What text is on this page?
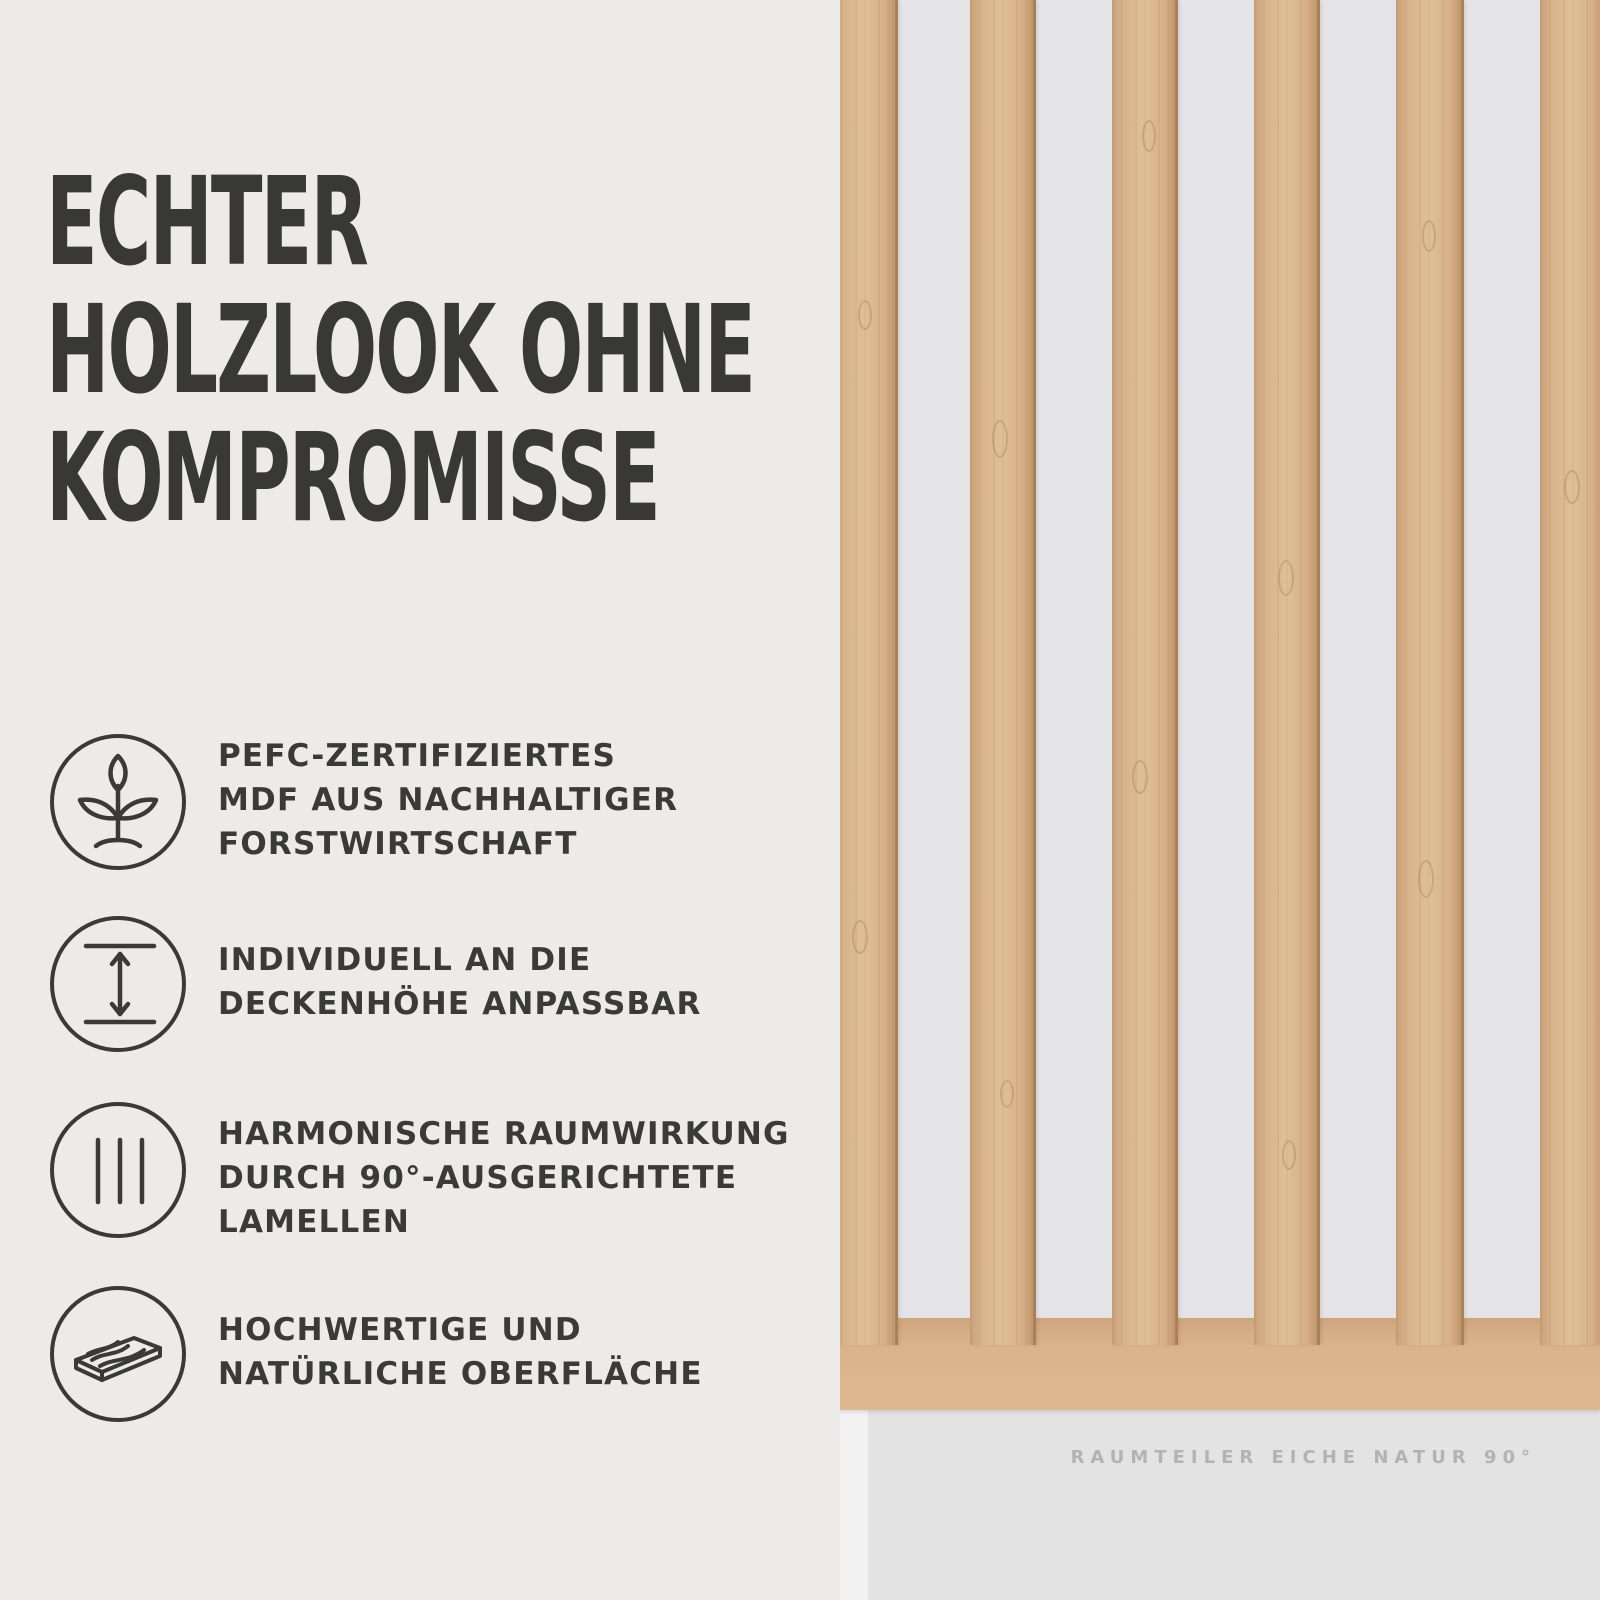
ECHTER
HOLZLOOK OHNE
KOMPROMISSE
PEFC-ZERTIFIZIERTES
MDF AUS NACHHALTIGER
FORSTWIRTSCHAFT
INDIVIDUELL AN DIE
DECKENHÖHE ANPASSBAR
HARMONISCHE RAUMWIRKUNG
DURCH 90°-AUSGERICHTETE
LAMELLEN
HOCHWERTIGE UND
NATÜRLICHE OBERFLÄCHE
RAUMTEILER EICHE NATUR 90°
